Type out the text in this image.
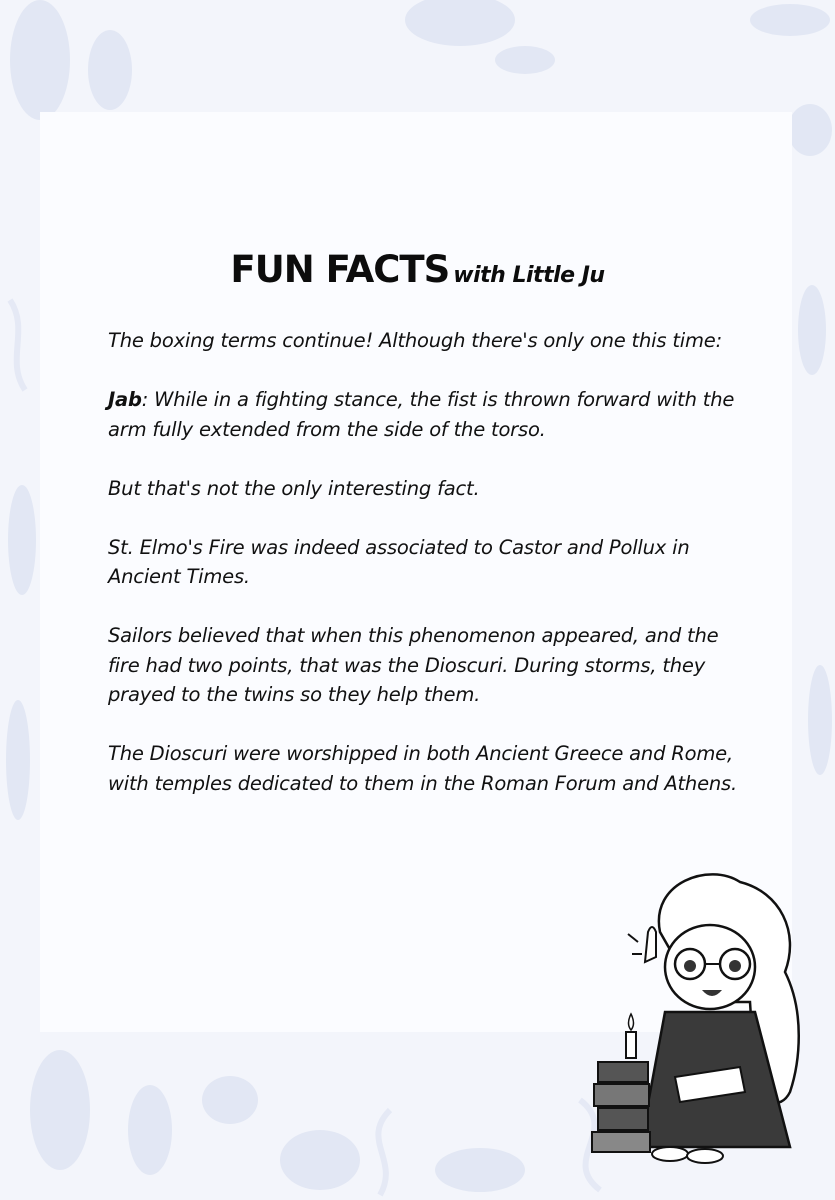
FUN FACTS with Little Ju

The boxing terms continue! Although there's only one this time:

Jab: While in a fighting stance, the fist is thrown forward with the arm fully extended from the side of the torso.

But that's not the only interesting fact.

St. Elmo's Fire was indeed associated to Castor and Pollux in Ancient Times.

Sailors believed that when this phenomenon appeared, and the fire had two points, that was the Dioscuri. During storms, they prayed to the twins so they help them.

The Dioscuri were worshipped in both Ancient Greece and Rome, with temples dedicated to them in the Roman Forum and Athens.
